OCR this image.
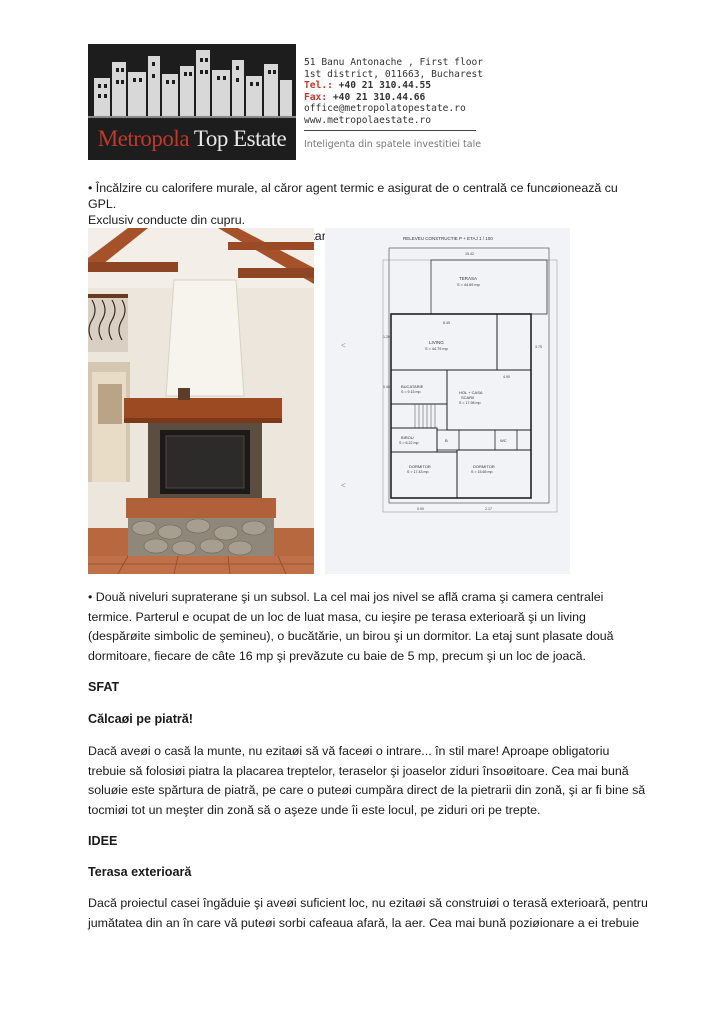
Metropola Top Estate
51 Banu Antonache , First floor
1st district, 011663, Bucharest
Tel.: +40 21 310.44.55
Fax: +40 21 310.44.66
office@metropolatopestate.ro
www.metropolaestate.ro
Inteligenta din spatele investitiei tale
• Încălzire cu calorifere murale, al căror agent termic e asigurat de o centrală ce funcøionează cu GPL.
Exclusiv conducte din cupru.
RELEVEU CONSTRUCTIE P + ETAJ 1 / 100
TERASA
S = 44.69 mp
LIVING
S = 44.79 mp
BUCATARIE
S = 9.15 mp	HOL + CASA
SCARII
S = 17.98 mp
BIROU
S = 6.22 mp	B	WC
DORMITOR
S = 17.43 mp
DORMITOR
S = 15.65 mp
15.42
8.45
4.90
3.75
1.20
0.45
0.90	2.17
<
<
• Două niveluri supraterane şi un subsol. La cel mai jos nivel se află crama şi camera centralei termice. Parterul e ocupat de un loc de luat masa, cu ieşire pe terasa exterioară şi un living (despărøite simbolic de şemineu), o bucătărie, un birou şi un dormitor. La etaj sunt plasate două dormitoare, fiecare de câte 16 mp şi prevăzute cu baie de 5 mp, precum şi un loc de joacă.
SFAT
Călcaøi pe piatră!
Dacă aveøi o casă la munte, nu ezitaøi să vă faceøi o intrare... în stil mare! Aproape obligatoriu trebuie să folosiøi piatra la placarea treptelor, teraselor şi joaselor ziduri însoøitoare. Cea mai bună soluøie este spărtura de piatră, pe care o puteøi cumpăra direct de la pietrarii din zonă, şi ar fi bine să tocmiøi tot un meşter din zonă să o aşeze unde îi este locul, pe ziduri ori pe trepte.
IDEE
Terasa exterioară
Dacă proiectul casei îngăduie şi aveøi suficient loc, nu ezitaøi să construiøi o terasă exterioară, pentru jumătatea din an în care vă puteøi sorbi cafeaua afară, la aer. Cea mai bună poziøionare a ei trebuie
